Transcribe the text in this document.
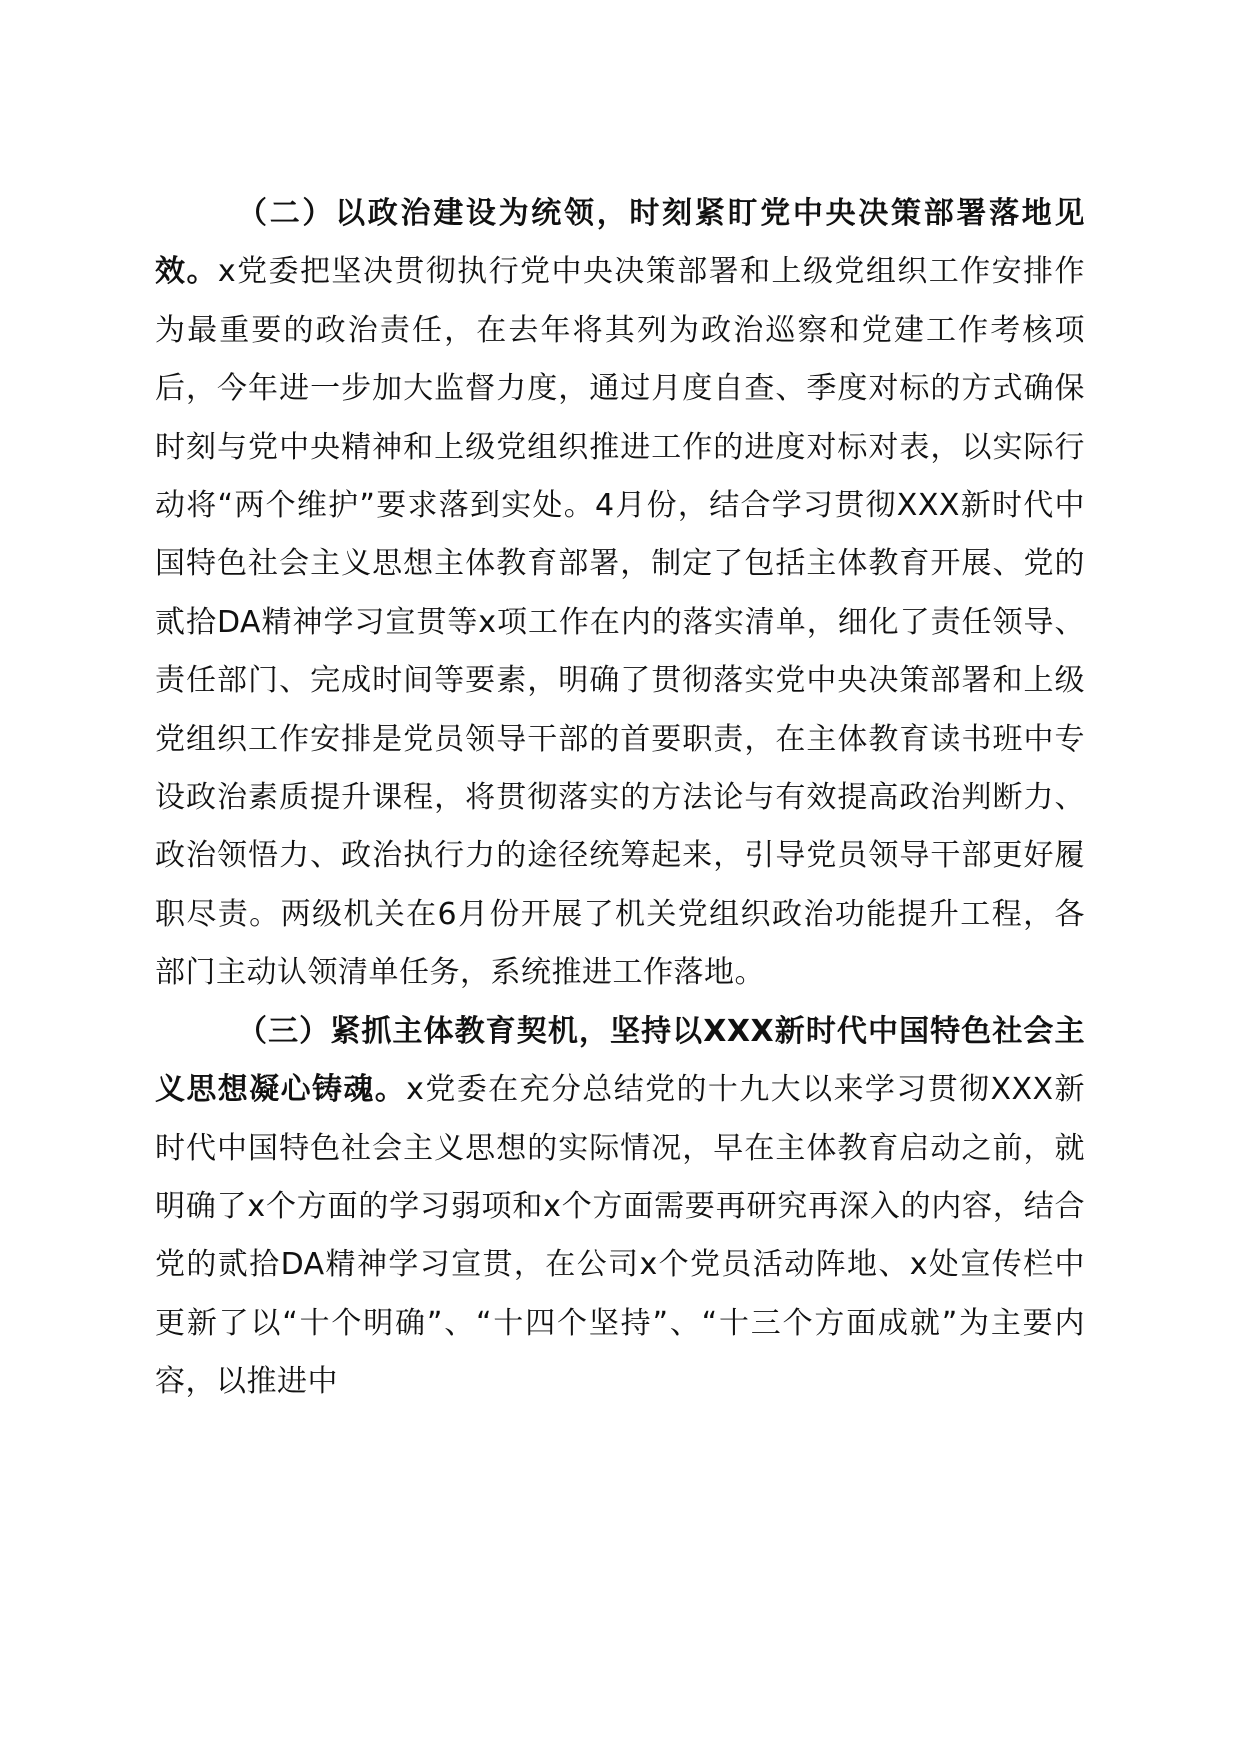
（二）以政治建设为统领，时刻紧盯党中央决策部署落地见效。x党委把坚决贯彻执行党中央决策部署和上级党组织工作安排作为最重要的政治责任，在去年将其列为政治巡察和党建工作考核项后，今年进一步加大监督力度，通过月度自查、季度对标的方式确保时刻与党中央精神和上级党组织推进工作的进度对标对表，以实际行动将“两个维护”要求落到实处。4月份，结合学习贯彻XXX新时代中国特色社会主义思想主体教育部署，制定了包括主体教育开展、党的贰拾DA精神学习宣贯等x项工作在内的落实清单，细化了责任领导、责任部门、完成时间等要素，明确了贯彻落实党中央决策部署和上级党组织工作安排是党员领导干部的首要职责，在主体教育读书班中专设政治素质提升课程，将贯彻落实的方法论与有效提高政治判断力、政治领悟力、政治执行力的途径统筹起来，引导党员领导干部更好履职尽责。两级机关在6月份开展了机关党组织政治功能提升工程，各部门主动认领清单任务，系统推进工作落地。

（三）紧抓主体教育契机，坚持以XXX新时代中国特色社会主义思想凝心铸魂。x党委在充分总结党的十九大以来学习贯彻XXX新时代中国特色社会主义思想的实际情况，早在主体教育启动之前，就明确了x个方面的学习弱项和x个方面需要再研究再深入的内容，结合党的贰拾DA精神学习宣贯，在公司x个党员活动阵地、x处宣传栏中更新了以“十个明确”、“十四个坚持”、“十三个方面成就”为主要内容，以推进中
